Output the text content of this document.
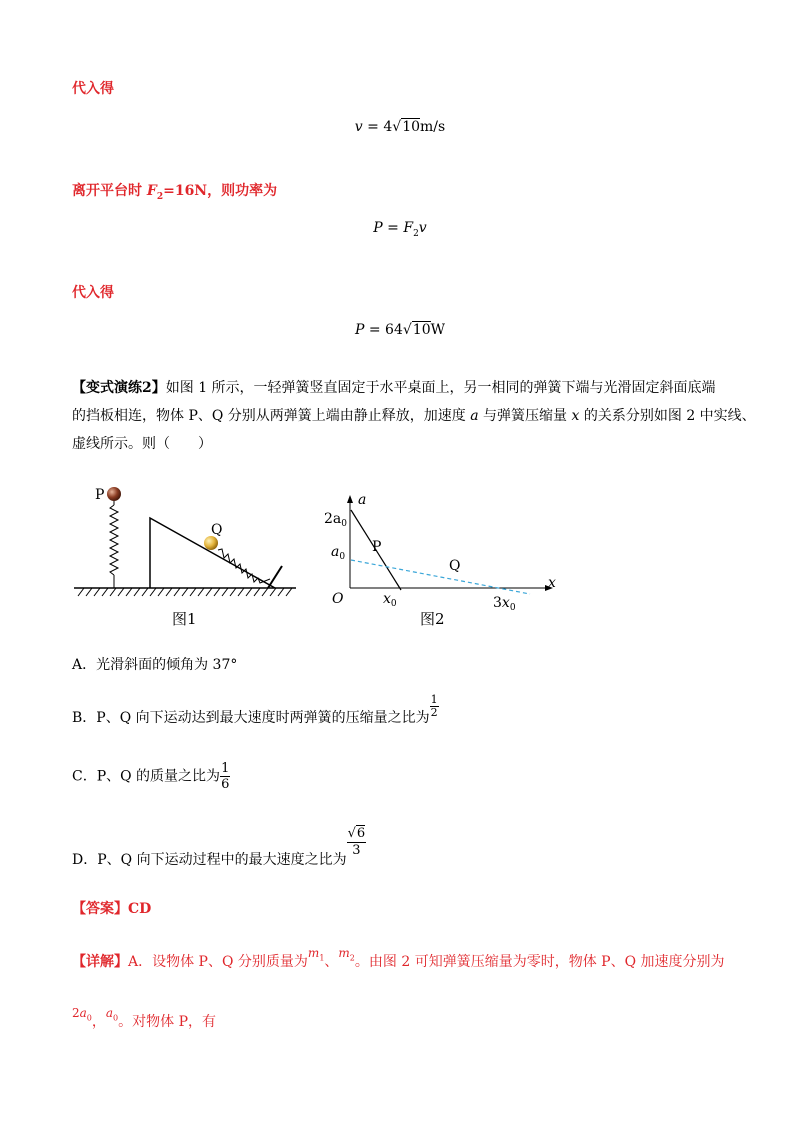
代入得
v = 4√10m/s
离开平台时 $F_2=16N$，则功率为
$P = F_2v$
代入得
P = 64√10W
【变式演练2】如图 1 所示，一轻弹簧竖直固定于水平桌面上，另一相同的弹簧下端与光滑固定斜面底端
的挡板相连，物体 P、Q 分别从两弹簧上端由静止释放，加速度 a 与弹簧压缩量 x 的关系分别如图 2 中实线、
虚线所示。则（　　）
P
Q
图1
a
x
O
$2a_0$
$a_0$
$x_0$	$3x_0$
P
Q
图2
A．光滑斜面的倾角为 37°
B．P、Q 向下运动达到最大速度时两弹簧的压缩量之比为 $\frac{1}{2}$
C．P、Q 的质量之比为 $\frac{1}{6}$
D．P、Q 向下运动过程中的最大速度之比为
$\frac{√6}{3}$
【答案】CD
【详解】A．设物体 P、Q 分别质量为$m_1$、$m_2$。由图 2 可知弹簧压缩量为零时，物体 P、Q 加速度分别为
$2a_0$，$a_0$。对物体 P，有
